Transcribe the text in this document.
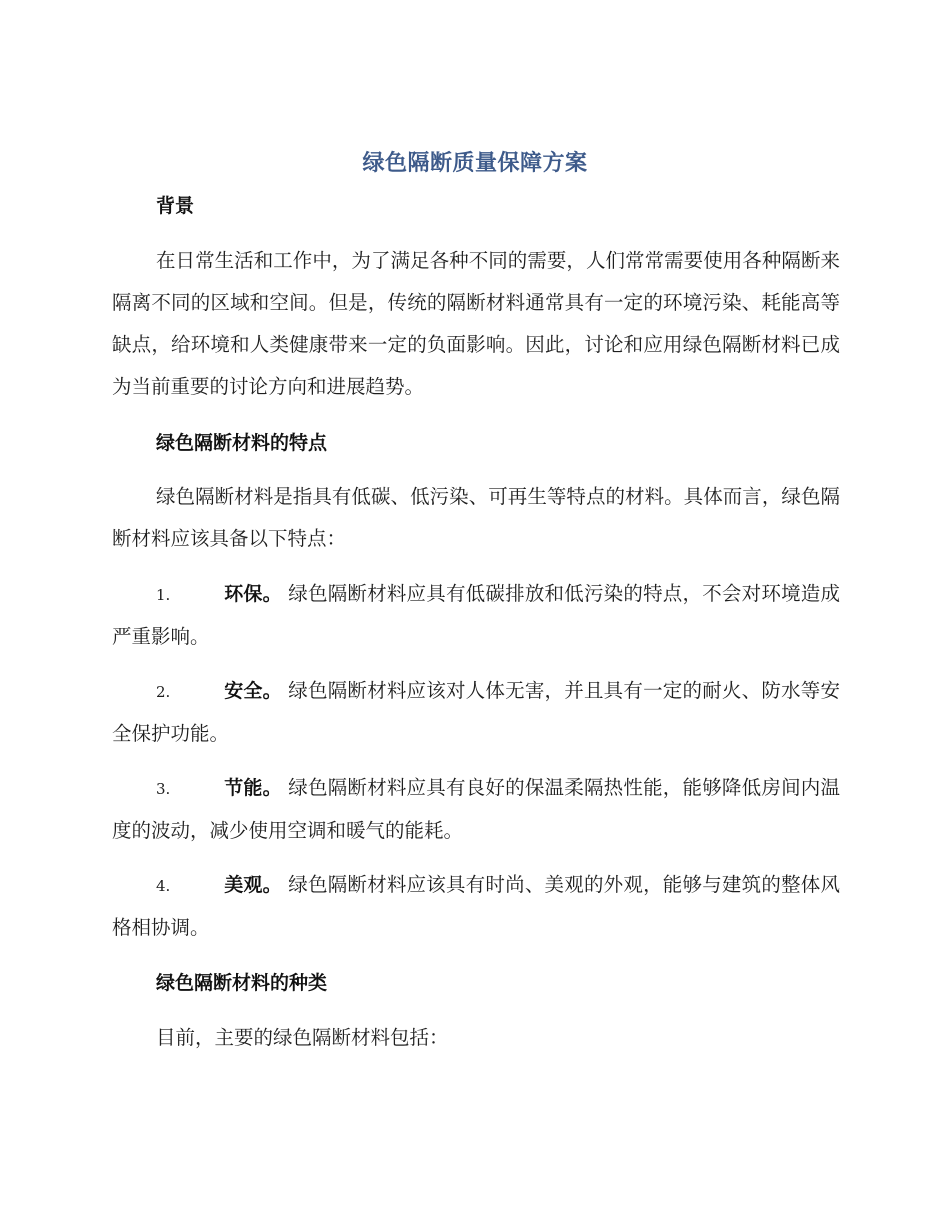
绿色隔断质量保障方案
背景
在日常生活和工作中，为了满足各种不同的需要，人们常常需要使用各种隔断来隔离不同的区域和空间。但是，传统的隔断材料通常具有一定的环境污染、耗能高等缺点，给环境和人类健康带来一定的负面影响。因此，讨论和应用绿色隔断材料已成为当前重要的讨论方向和进展趋势。
绿色隔断材料的特点
绿色隔断材料是指具有低碳、低污染、可再生等特点的材料。具体而言，绿色隔断材料应该具备以下特点：
1.	环保。 绿色隔断材料应具有低碳排放和低污染的特点，不会对环境造成严重影响。
2.	安全。 绿色隔断材料应该对人体无害，并且具有一定的耐火、防水等安全保护功能。
3.	节能。 绿色隔断材料应具有良好的保温柔隔热性能，能够降低房间内温度的波动，减少使用空调和暖气的能耗。
4.	美观。 绿色隔断材料应该具有时尚、美观的外观，能够与建筑的整体风格相协调。
绿色隔断材料的种类
目前，主要的绿色隔断材料包括：
